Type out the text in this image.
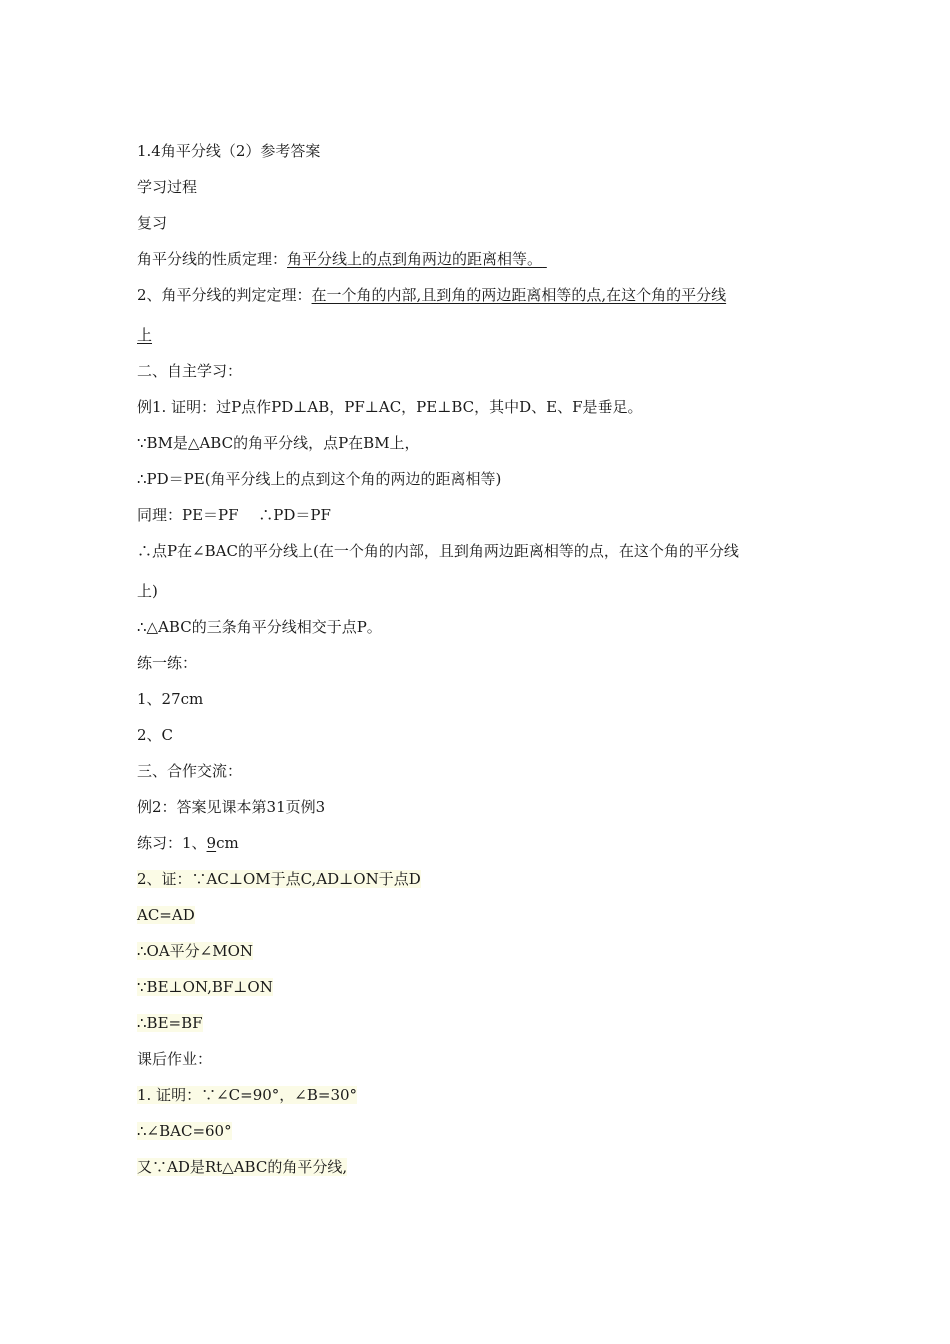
1.4角平分线（2）参考答案
学习过程
复习
角平分线的性质定理：角平分线上的点到角两边的距离相等。
2、角平分线的判定定理：在一个角的内部,且到角的两边距离相等的点,在这个角的平分线
上
二、自主学习：
例1. 证明：过P点作PD⊥AB，PF⊥AC，PE⊥BC，其中D、E、F是垂足。
∵BM是△ABC的角平分线，点P在BM上，
∴PD＝PE(角平分线上的点到这个角的两边的距离相等)
同理：PE＝PF　 ∴PD＝PF
∴点P在∠BAC的平分线上(在一个角的内部，且到角两边距离相等的点，在这个角的平分线
上)
∴△ABC的三条角平分线相交于点P。
练一练：
1、27cm
2、C
三、合作交流：
例2：答案见课本第31页例3
练习：1、9cm
2、证：∵AC⊥OM于点C,AD⊥ON于点D
AC=AD
∴OA平分∠MON
∵BE⊥ON,BF⊥ON
∴BE=BF
课后作业：
1. 证明：∵∠C=90°，∠B=30°
∴∠BAC=60°
又∵AD是Rt△ABC的角平分线,
